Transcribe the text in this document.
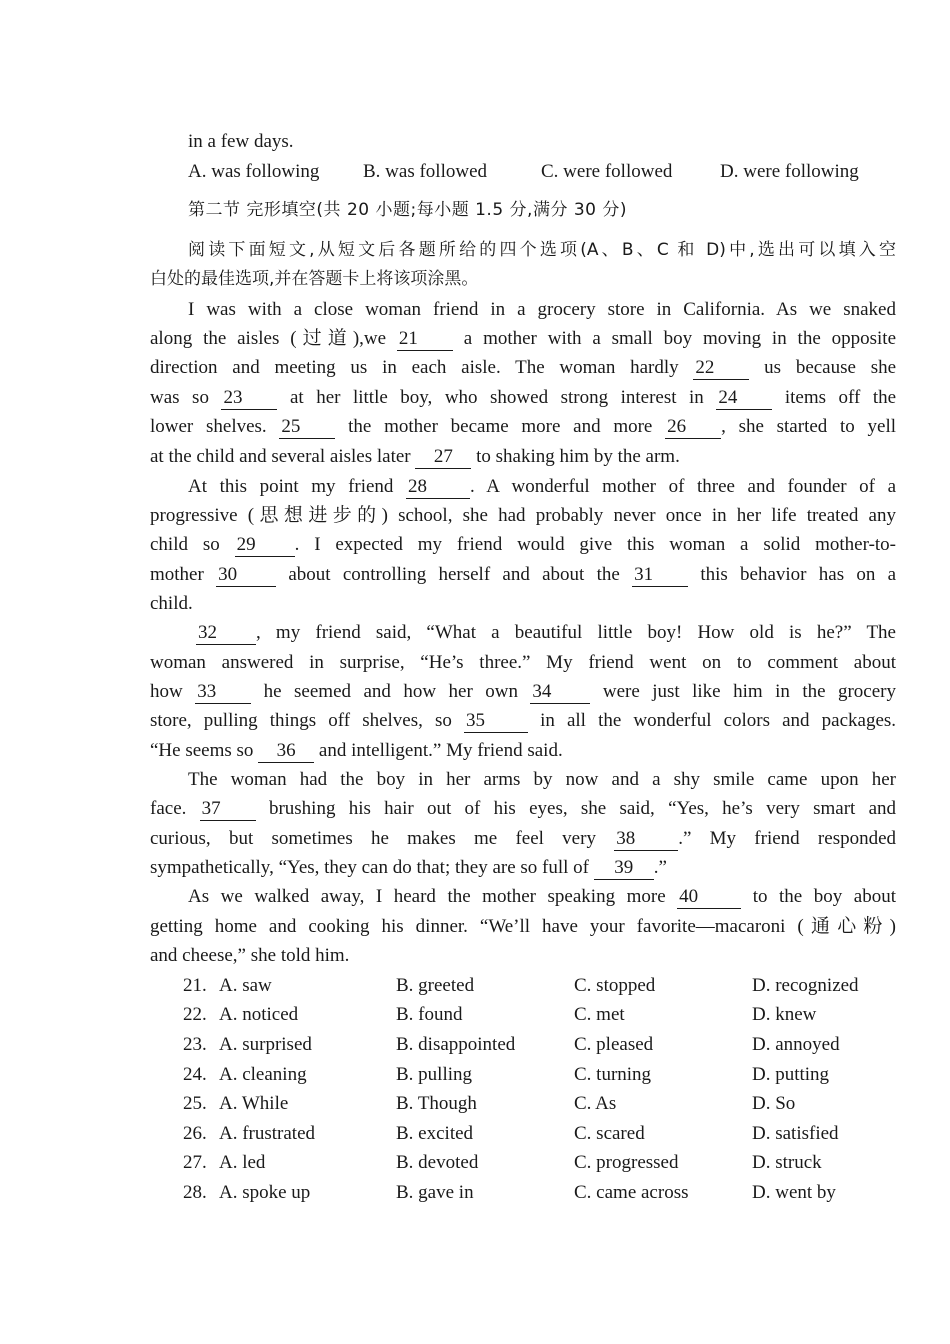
in a few days.
A. was following B. was followed	C. were followed	D. were following
第二节 完形填空(共 20 小题;每小题 1.5 分,满分 30 分)
阅读下面短文,从短文后各题所给的四个选项(A、B、C 和 D)中,选出可以填入空
白处的最佳选项,并在答题卡上将该项涂黑。
I was with a close woman friend in a grocery store in California. As we snaked
along the aisles (过道),we 21 a mother with a small boy moving in the opposite
direction and meeting us in each aisle. The woman hardly 22	us because she
was so 23	at her little boy, who showed strong interest in 24	items off the
lower shelves. 25	the mother became more and more 26 , she started to yell
at the child and several aisles later 27 to shaking him by the arm.
At this point my friend 28 . A wonderful mother of three and founder of a
progressive (思想进步的) school, she had probably never once in her life treated any
child so 29 . I expected my friend would give this woman a solid mother-to-
mother 30	about controlling herself and about the 31 this behavior has on a
child.
32 , my friend said, “What a beautiful little boy! How old is he?” The
woman answered in surprise, “He’s three.” My friend went on to comment about
how 33 he seemed and how her own 34	were just like him in the grocery
store, pulling things off shelves, so 35	in all the wonderful colors and packages.
“He seems so 36 and intelligent.” My friend said.
The woman had the boy in her arms by now and a shy smile came upon her
face. 37	brushing his hair out of his eyes, she said, “Yes, he’s very smart and
curious, but sometimes he makes me feel very 38 .” My friend responded
sympathetically, “Yes, they can do that; they are so full of 39 .”
As we walked away, I heard the mother speaking more 40	to the boy about
getting home and cooking his dinner. “We’ll have your favorite—macaroni (通心粉)
and cheese,” she told him.
21. A. saw	B. greeted	C. stopped	D. recognized
22. A. noticed	B. found	C. met	D. knew
23. A. surprised	B. disappointed	C. pleased	D. annoyed
24. A. cleaning	B. pulling	C. turning	D. putting
25. A. While	B. Though	C. As	D. So
26. A. frustrated	B. excited	C. scared	D. satisfied
27. A. led	B. devoted	C. progressed	D. struck
28. A. spoke up	B. gave in	C. came across	D. went by
